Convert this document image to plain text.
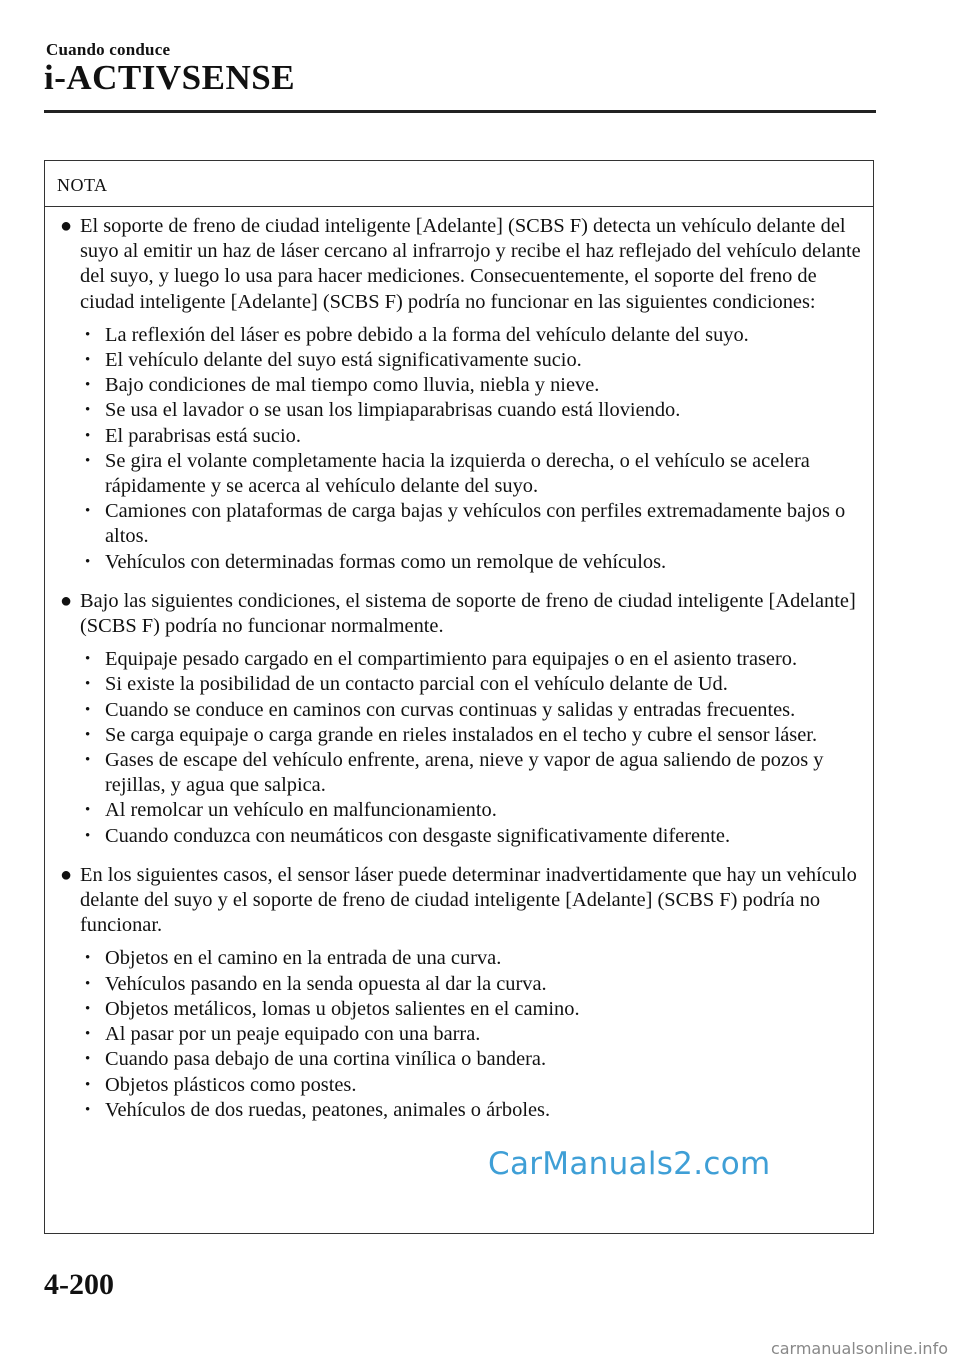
Cuando conduce
i-ACTIVSENSE
NOTA
● El soporte de freno de ciudad inteligente [Adelante] (SCBS F) detecta un vehículo delante del suyo al emitir un haz de láser cercano al infrarrojo y recibe el haz reflejado del vehículo delante del suyo, y luego lo usa para hacer mediciones. Consecuentemente, el soporte del freno de ciudad inteligente [Adelante] (SCBS F) podría no funcionar en las siguientes condiciones:
• La reflexión del láser es pobre debido a la forma del vehículo delante del suyo.
• El vehículo delante del suyo está significativamente sucio.
• Bajo condiciones de mal tiempo como lluvia, niebla y nieve.
• Se usa el lavador o se usan los limpiaparabrisas cuando está lloviendo.
• El parabrisas está sucio.
• Se gira el volante completamente hacia la izquierda o derecha, o el vehículo se acelera rápidamente y se acerca al vehículo delante del suyo.
• Camiones con plataformas de carga bajas y vehículos con perfiles extremadamente bajos o altos.
• Vehículos con determinadas formas como un remolque de vehículos.
● Bajo las siguientes condiciones, el sistema de soporte de freno de ciudad inteligente [Adelante] (SCBS F) podría no funcionar normalmente.
• Equipaje pesado cargado en el compartimiento para equipajes o en el asiento trasero.
• Si existe la posibilidad de un contacto parcial con el vehículo delante de Ud.
• Cuando se conduce en caminos con curvas continuas y salidas y entradas frecuentes.
• Se carga equipaje o carga grande en rieles instalados en el techo y cubre el sensor láser.
• Gases de escape del vehículo enfrente, arena, nieve y vapor de agua saliendo de pozos y rejillas, y agua que salpica.
• Al remolcar un vehículo en malfuncionamiento.
• Cuando conduzca con neumáticos con desgaste significativamente diferente.
● En los siguientes casos, el sensor láser puede determinar inadvertidamente que hay un vehículo delante del suyo y el soporte de freno de ciudad inteligente [Adelante] (SCBS F) podría no funcionar.
• Objetos en el camino en la entrada de una curva.
• Vehículos pasando en la senda opuesta al dar la curva.
• Objetos metálicos, lomas u objetos salientes en el camino.
• Al pasar por un peaje equipado con una barra.
• Cuando pasa debajo de una cortina vinílica o bandera.
• Objetos plásticos como postes.
• Vehículos de dos ruedas, peatones, animales o árboles.
CarManuals2.com
4-200
carmanualsonline.info
